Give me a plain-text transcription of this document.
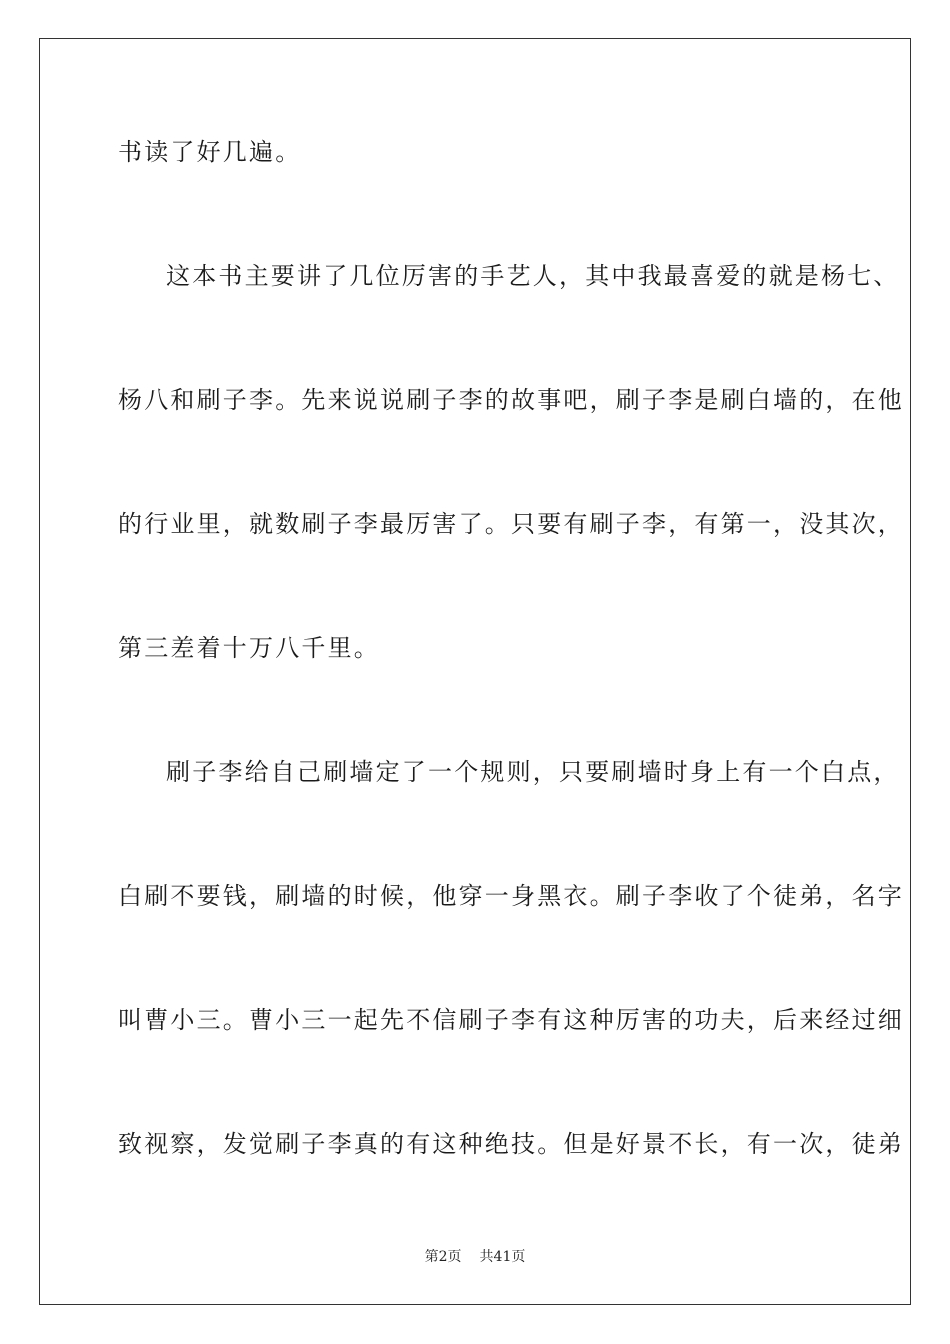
书读了好几遍。
这本书主要讲了几位厉害的手艺人，其中我最喜爱的就是杨七、
杨八和刷子李。先来说说刷子李的故事吧，刷子李是刷白墙的，在他
的行业里，就数刷子李最厉害了。只要有刷子李，有第一，没其次，
第三差着十万八千里。
刷子李给自己刷墙定了一个规则，只要刷墙时身上有一个白点，
白刷不要钱，刷墙的时候，他穿一身黑衣。刷子李收了个徒弟，名字
叫曹小三。曹小三一起先不信刷子李有这种厉害的功夫，后来经过细
致视察，发觉刷子李真的有这种绝技。但是好景不长，有一次，徒弟
第2页 共41页
